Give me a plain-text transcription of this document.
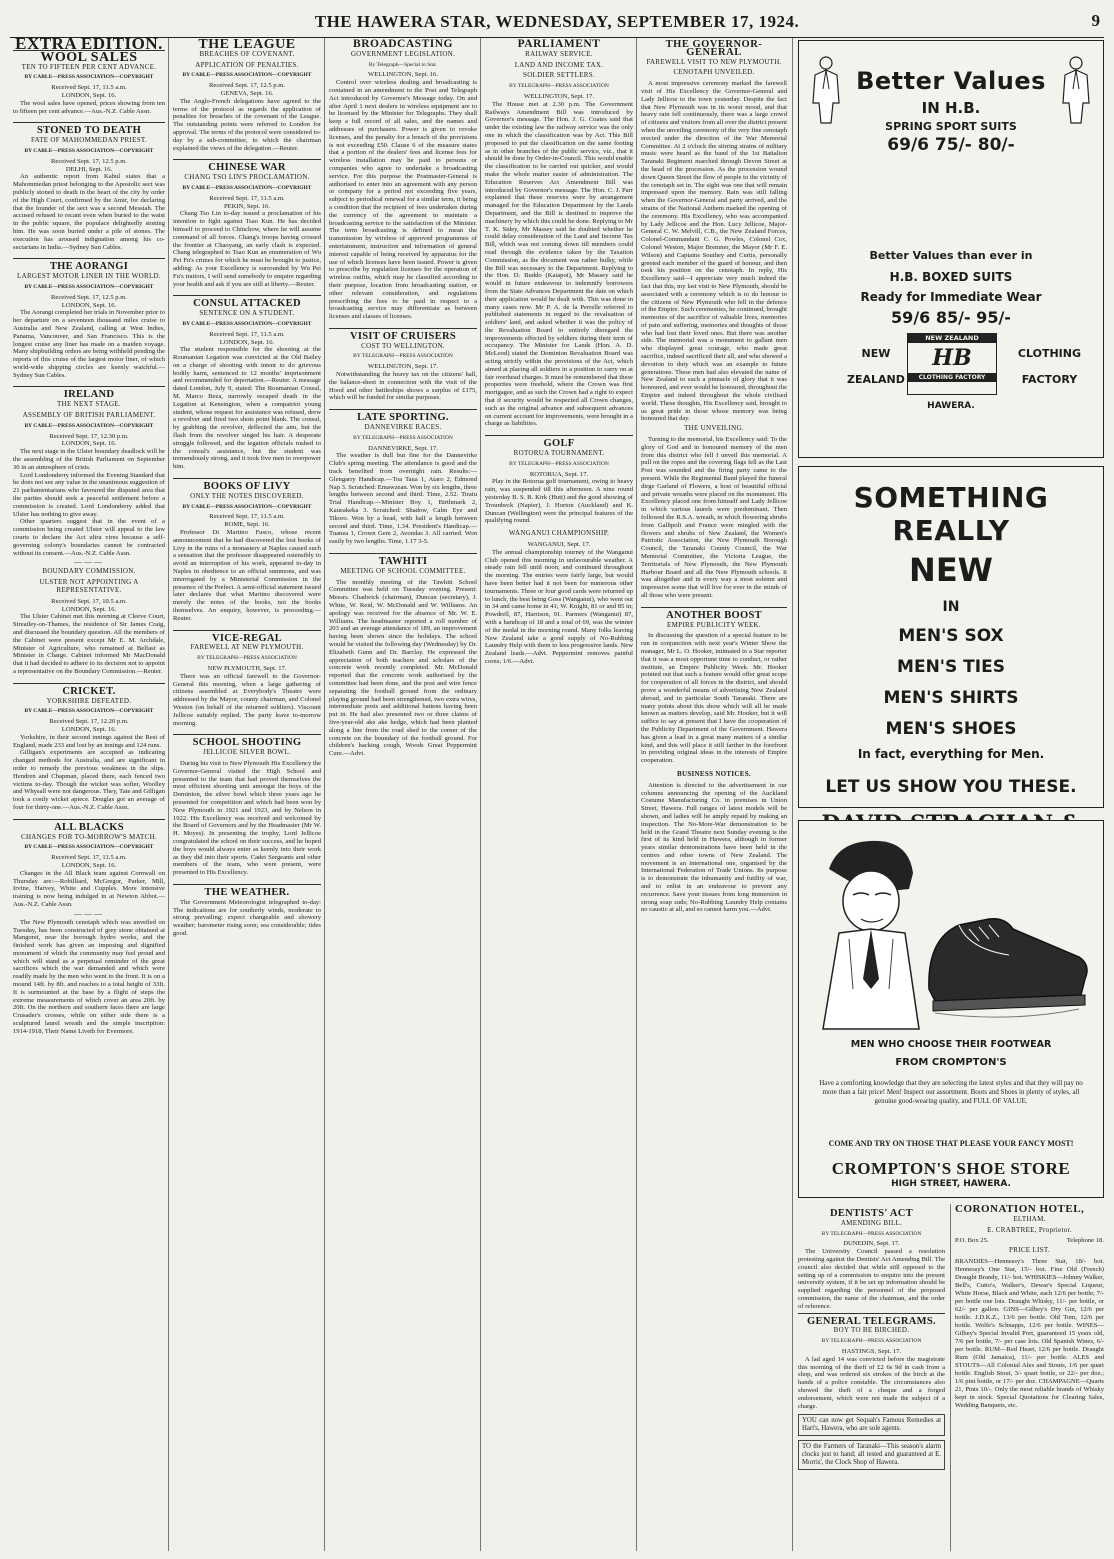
THE HAWERA STAR, WEDNESDAY, SEPTEMBER 17, 1924.	9
EXTRA EDITION.
WOOL SALES
TEN TO FIFTEEN PER CENT ADVANCE.
BY CABLE—PRESS ASSOCIATION—COPYRIGHT
Received Sept. 17, 11.5 a.m.
LONDON, Sept. 16.

The wool sales have opened, prices showing from ten to fifteen per cent advance.—Aus.-N.Z. Cable Assn.

STONED TO DEATH
FATE OF MAHOMMEDAN PRIEST.
BY CABLE—PRESS ASSOCIATION—COPYRIGHT
Received Sept. 17, 12.5 p.m.
DELHI, Sept. 16.

An authentic report from Kabul states that a Mahommedan priest belonging to the Apostolic sect was publicly stoned to death in the heart of the city by order of the High Court, confirmed by the Amir, for declaring that the founder of the sect was a second Messiah. The accused refused to recant even when buried to the waist in the public square, the populace delightedly stoning him. He was soon buried under a pile of stones. The execution has aroused indignation among his co-sectarians in India.—Sydney Sun Cables.

THE AORANGI
LARGEST MOTOR LINER IN THE WORLD.
BY CABLE—PRESS ASSOCIATION—COPYRIGHT
Received Sept. 17, 12.5 p.m.
LONDON, Sept. 16.

The Aorangi completed her trials in November prior to her departure on a seventeen thousand miles cruise to Australia and New Zealand, calling at West Indies, Panama, Vancouver, and San Francisco. This is the longest cruise any liner has made on a maiden voyage. Many shipbuilding orders are being withheld pending the reports of this cruise of the largest motor liner, of which world-wide shipping circles are keenly watchful.—Sydney Sun Cables.

IRELAND
THE NEXT STAGE.
ASSEMBLY OF BRITISH PARLIAMENT.
BY CABLE—PRESS ASSOCIATION—COPYRIGHT
Received Sept. 17, 12.30 p.m.
LONDON, Sept. 16.

The next stage in the Ulster boundary deadlock will be the assembling of the British Parliament on September 30 in an atmosphere of crisis.

Lord Londonderry informed the Evening Standard that he does not see any value in the unanimous suggestion of 21 parliamentarians who favoured the disputed area that the parties should seek a peaceful settlement before a commission is created. Lord Londonderry added that Ulster has nothing to give away.

Other quarters suggest that in the event of a commission being created Ulster will appeal to the law courts to declare the Act ultra vires because a self-governing colony's boundaries cannot be contracted without its consent.—Aus.-N.Z. Cable Assn.

———
BOUNDARY COMMISSION.
ULSTER NOT APPOINTING A REPRESENTATIVE.
Received Sept. 17, 10.5 a.m.
LONDON, Sept. 16.

The Ulster Cabinet met this morning at Cleeve Court, Streatley-on-Thames, the residence of Sir James Craig, and discussed the boundary question. All the members of the Cabinet were present except Mr E. M. Archdale, Minister of Agriculture, who remained at Belfast as Minister in Charge. Cabinet informed Mr MacDonald that it had decided to adhere to its decision not to appoint a representative on the Boundary Commission.—Reuter.

CRICKET.
YORKSHIRE DEFEATED.
BY CABLE—PRESS ASSOCIATION—COPYRIGHT
Received Sept. 17, 12.20 p.m.
LONDON, Sept. 16.

Yorkshire, in their second innings against the Rest of England, made 233 and lost by an innings and 124 runs.

Gilligan's experiments are accepted as indicating changed methods for Australia, and are significant in order to remedy the previous weakness in the slips. Hendren and Chapman, placed there, each fenced two victims to-day. Though the wicket was softer, Woolley and Whysall were not dangerous. They, Tate and Gilligan took a costly wicket apiece. Douglas got an average of four for thirty-one.—Aus.-N.Z. Cable Assn.

ALL BLACKS
CHANGES FOR TO-MORROW'S MATCH.
BY CABLE—PRESS ASSOCIATION—COPYRIGHT
Received Sept. 17, 11.5 a.m.
LONDON, Sept. 16.

Changes in the All Black team against Cornwall on Thursday are:—Robilliard, McGregor, Parker, Mill, Irvine, Harvey, White and Cupples. More intensive training is now being indulged in at Newton Abbot.—Aus.-N.Z. Cable Assn.

———

The New Plymouth cenotaph which was unveiled on Tuesday, has been constructed of grey stone obtained at Mangorei, near the borough hydro works, and the finished work has given an imposing and dignified monument of which the community may feel proud and which will stand as a perpetual reminder of the great sacrifices which the war demanded and which were readily made by the men who went to the front. It is on a mound 14ft. by 8ft. and reaches to a total height of 33ft. It is surmounted at the base by a flight of steps the extreme measurements of which cover an area 20ft. by 20ft. On the northern and southern faces there are large Crusader's crosses, while on either side there is a sculptured laurel wreath and the simple inscription: 1914-1918, Their Name Liveth for Evermore.

THE LEAGUE
BREACHES OF COVENANT.
APPLICATION OF PENALTIES.
BY CABLE—PRESS ASSOCIATION—COPYRIGHT
Received Sept. 17, 12.5 p.m.
GENEVA, Sept. 16.

The Anglo-French delegations have agreed to the terms of the protocol as regards the application of penalties for breaches of the covenant of the League. The outstanding points were referred to London for approval. The terms of the protocol were considered to-day by a sub-committee, to which the chairman explained the views of the delegation.—Reuter.

CHINESE WAR
CHANG TSO LIN'S PROCLAMATION.
BY CABLE—PRESS ASSOCIATION—COPYRIGHT
Received Sept. 17, 11.5 a.m.
PEKIN, Sept. 16.

Chang Tso Lin to-day issued a proclamation of his intention to fight against Tsao Kun. He has decided himself to proceed to Chinchow, where he will assume command of all forces. Chang's troops having crossed the frontier at Chaoyang, an early clash is expected. Chang telegraphed to Tsao Kun an enumeration of Wu Pei Fu's crimes for which he must be brought to justice, adding: As your Excellency is surrounded by Wu Pei Fu's traitors, I will send somebody to enquire regarding your health and ask if you are still at liberty.—Reuter.

CONSUL ATTACKED
SENTENCE ON A STUDENT.
BY CABLE—PRESS ASSOCIATION—COPYRIGHT
Received Sept. 17, 11.5 a.m.
LONDON, Sept. 16.

The student responsible for the shooting at the Roumanian Legation was convicted at the Old Bailey on a charge of shooting with intent to do grievous bodily harm, sentenced to 12 months' imprisonment and recommended for deportation.—Reuter. A message dated London, July 9, stated: The Roumanian Consul, M. Marco Beza, narrowly escaped death in the Legation at Kensington, when a compatriot young student, whose request for assistance was refused, drew a revolver and fired two shots point blank. The consul, by grabbing the revolver, deflected the aim, but the flash from the revolver singed his hair. A desperate struggle followed, and the legation officials rushed to the consul's assistance, but the student was tremendously strong, and it took five men to overpower him.

BOOKS OF LIVY
ONLY THE NOTES DISCOVERED.
BY CABLE—PRESS ASSOCIATION—COPYRIGHT
Received Sept. 17, 11.5 a.m.
ROME, Sept. 16.

Professor Di Martino Fusco, whose recent announcement that he had discovered the lost books of Livy in the ruins of a monastery at Naples caused such a sensation that the professor disappeared ostensibly to avoid an interruption of his work, appeared to-day in Naples in obedience to an official summons, and was interrogated by a Ministerial Commission in the presence of the Prefect. A semi-official statement issued later declares that what Martino discovered were merely the notes of the books, not the books themselves. An enquiry, however, is proceeding.—Reuter.

VICE-REGAL
FAREWELL AT NEW PLYMOUTH.
BY TELEGRAPH—PRESS ASSOCIATION
NEW PLYMOUTH, Sept. 17.

There was an official farewell to the Governor-General this morning, when a large gathering of citizens assembled at Everybody's Theatre were addressed by the Mayor, county chairman, and Colonel Weston (on behalf of the returned soldiers). Viscount Jellicoe suitably replied. The party leave to-morrow morning.

SCHOOL SHOOTING
JELLICOE SILVER BOWL.

During his visit to New Plymouth His Excellency the Governor-General visited the High School and presented to the team that had proved themselves the most efficient shooting unit amongst the boys of the Dominion, the silver bowl which three years ago he presented for competition and which had been won by New Plymouth in 1921 and 1923, and by Nelson in 1922. His Excellency was received and welcomed by the Board of Governors and by the Headmaster (Mr W. H. Moyes). In presenting the trophy, Lord Jellicoe congratulated the school on their success, and he hoped the boys would always enter as keenly into their work as they did into their sports. Cadet Sergeants and other members of the team, who were present, were presented to His Excellency.

THE WEATHER.

The Government Meteorologist telegraphed to-day: The indications are for southerly winds, moderate to strong prevailing; expect changeable and showery weather; barometer rising soon; sea considerable; tides good.

BROADCASTING
GOVERNMENT LEGISLATION.
By Telegraph—Special to Star.
WELLINGTON, Sept. 16.

Control over wireless dealing and broadcasting is contained in an amendment to the Post and Telegraph Act introduced by Governor's Message today. On and after April 1 next dealers in wireless equipment are to be licensed by the Minister for Telegraphs. They shall keep a full record of all sales, and the names and addresses of purchasers. Power is given to revoke licenses, and the penalty for a breach of the provisions is not exceeding £50. Clause 6 of the measure states that a portion of the dealers' fees and license fees for wireless installation may be paid to persons or companies who agree to undertake a broadcasting service. For this purpose the Postmaster-General is authorised to enter into an agreement with any person or company for a period not exceeding five years, subject to periodical renewal for a similar term, it being a condition that the recipient of fees undertakes during the currency of the agreement to maintain a broadcasting service to the satisfaction of the Minister. The term broadcasting is defined to mean the transmission by wireless of approved programmes of entertainment, instruction and information of general interest capable of being received by apparatus for the use of which licenses have been issued. Power is given to prescribe by regulation licenses for the operation of wireless outfits, which may be classified according to their purpose, location from broadcasting station, or other relevant consideration, and regulations prescribing the fees to be paid in respect to a broadcasting service may differentiate as between licenses and classes of licenses.

VISIT OF CRUISERS
COST TO WELLINGTON.
BY TELEGRAPH—PRESS ASSOCIATION
WELLINGTON, Sept. 17.

Notwithstanding the heavy tax on the citizens' hall, the balance-sheet in connection with the visit of the Hood and other battleships shows a surplus of £175, which will be funded for similar purposes.

LATE SPORTING.
DANNEVIRKE RACES.
BY TELEGRAPH—PRESS ASSOCIATION
DANNEVIRKE, Sept. 17.

The weather is dull but fine for the Dannevirke Club's spring meeting. The attendance is good and the track benefited from overnight rain. Results:— Glengarry Handicap.—Toa Taua 1, Ataro 2, Edmond Nap 3. Scratched: Emawzean. Won by six lengths, three lengths between second and third. Time, 2.52. Tiratu Trial Handicap.—Minister Boy 1, Birthmark 2, Kaueakeka 3. Scratched: Shadow, Calm Eye and Tikoro. Won by a head, with half a length between second and third. Time, 1.34. President's Handicap.—Tuanea 1, Crown Gem 2, Avondas 3. All carried. Won easily by two lengths. Time, 1.17 3-5.

TAWHITI
MEETING OF SCHOOL COMMITTEE.

The monthly meeting of the Tawhiti School Committee was held on Tuesday evening. Present: Messrs. Chadwick (chairman), Duncan (secretary), J. White, W. Reid, W. McDonald and W. Williams. An apology was received for the absence of Mr. W. E. Williams. The headmaster reported a roll number of 203 and an average attendance of 189, an improvement having been shown since the holidays. The school would be visited the following day (Wednesday) by Dr. Elizabeth Gunn and Dr. Barclay. He expressed the appreciation of both teachers and scholars of the concrete work recently completed. Mr. McDonald reported that the concrete work authorised by the committee had been done, and the post and wire fence separating the football ground from the ordinary playing ground had been strengthened, two extra wires, intermediate posts and additional battens having been put in. He had also presented two or three claims of five-year-old ake ake hedge, which had been planted along a line from the road shed to the corner of the concrete on the boundary of the football ground. For children's hacking cough, Woods Great Peppermint Cure.—Advt.

PARLIAMENT
RAILWAY SERVICE.
LAND AND INCOME TAX.
SOLDIER SETTLERS.
BY TELEGRAPH—PRESS ASSOCIATION
WELLINGTON, Sept. 17.

The House met at 2.30 p.m. The Government Railways Amendment Bill was introduced by Governor's message. The Hon. J. G. Coates said that under the existing law the railway service was the only one in which the classification was by Act. This Bill proposed to put the classification on the same footing as in other branches of the public service, viz., that it should be done by Order-in-Council. This would enable the classification to be carried out quicker, and would make the whole matter easier of administration. The Education Reserves Act Amendment Bill was introduced by Governor's message. The Hon. C. J. Parr explained that these reserves were by arrangement managed for the Education Department by the Lands Department, and the Bill is destined to improve the machinery by which this could be done. Replying to Mr T. K. Sidey, Mr Massey said he doubted whether he could delay consideration of the Land and Income Tax Bill, which was not coming down till members could read through the evidence taken by the Taxation Commission, as the document was rather bulky, while the Bill was necessary to the Department. Replying to the Hon. D. Buddo (Kaiapoi), Mr Massey said he would in future endeavour to indemnify borrowers from the State Advances Department the date on which their application would be dealt with. This was done in many cases now. Mr P. A. de la Perrelle referred to published statements in regard to the revaluation of soldiers' land, and asked whether it was the policy of the Revaluation Board to entirely disregard the improvements effected by soldiers during their term of occupancy. The Minister for Lands (Hon. A. D. McLeod) stated the Dominion Revaluation Board was acting strictly within the provisions of the Act, which aimed at placing all soldiers in a position to carry on at fair overhead charges. It must be remembered that these properties were freehold, where the Crown was first mortgagee, and as such the Crown had a right to expect that if security would be respected all Crown changes, such as the original advance and subsequent advances on current account for improvements, were brought in a charge as liabilities.

GOLF
ROTORUA TOURNAMENT.
BY TELEGRAPH—PRESS ASSOCIATION
ROTORUA, Sept. 17.

Play in the Rotorua golf tournament, owing to heavy rain, was suspended till this afternoon. A nine round yesterday B. S. B. Kirk (Hutt) and the good showing of Trounbeck (Napier), J. Horton (Auckland) and K. Duncan (Wellington) were the principal features of the qualifying round.

WANGANUI CHAMPIONSHIP.
WANGANUI, Sept. 17.

The annual championship tourney of the Wanganui Club opened this morning in unfavourable weather. A steady rain fell until noon, and continued throughout the morning. The entries were fairly large, but would have been better had it not been for numerous other tournaments. Three or four good cards were returned up to lunch, the best being Goss (Wanganui), who went out in 34 and came home in 41; W. Knight, 81 or and 85 in; Powdrell, 87, Harrison, 91. Parmers (Wanganui) 87, with a handicap of 18 and a total of 69, was the winner of the medal in the morning round. Many folks leaving New Zealand take a good supply of No-Rubbing Laundry Help with them to less progressive lands. New Zealand leads.—Advt. Peppermint removes painful corns; 1/6.—Advt.

THE GOVERNOR-GENERAL
FAREWELL VISIT TO NEW PLYMOUTH.
CENOTAPH UNVEILED.

A most impressive ceremony marked the farewell visit of His Excellency the Governor-General and Lady Jellicoe to the town yesterday. Despite the fact that New Plymouth was in its worst mood, and that heavy rain fell continuously, there was a large crowd of citizens and visitors from all over the district present when the unveiling ceremony of the very fine cenotaph erected under the direction of the War Memorial Committee. At 2 o'clock the stirring strains of military music were heard as the band of the 1st Battalion Taranaki Regiment marched through Devon Street at the head of the procession. As the procession wound down Queen Street the flow of people to the vicinity of the cenotaph set in. The sight was one that will remain impressed upon the memory. Rain was still falling when the Governor-General and party arrived, and the strains of the National Anthem marked the opening of the ceremony. His Excellency, who was accompanied by Lady Jellicoe and the Hon. Lucy Jellicoe, Major-General C. W. Melvill, C.B., the New Zealand Forces, Colonel-Commandant C. G. Powles, Colonel Cox, Colonel Weston, Major Bremner, the Mayor (Mr F. E. Wilson) and Captains Southey and Curtis, personally greeted each member of the guard of honour, and then took his position on the cenotaph. In reply, His Excellency said—I appreciate very much indeed the fact that this, my last visit to New Plymouth, should be associated with a ceremony which is to do honour to the citizens of New Plymouth who fell in the defence of the Empire. Such ceremonies, he continued, brought memories of the sacrifice of valuable lives, memories of pain and suffering, memories and thoughts of those who had lost their loved ones. But there was another side. The memorial was a monument to gallant men who displayed great courage, who made great sacrifice, indeed sacrificed their all, and who showed a devotion to duty which was an example to future generations. These men had also elevated the name of New Zealand to such a pinnacle of glory that it was honoured, and ever would be honoured, throughout the Empire and indeed throughout the whole civilised world. These thoughts, His Excellency said, brought to us great pride in those whose memory was being honoured that day.

THE UNVEILING.

Turning to the memorial, his Excellency said: To the glory of God and in honoured memory of the men from this district who fell I unveil this memorial. A pull on the ropes and the covering flags fell as the Last Post was sounded and the firing party came to the present. While the Regimental Band played the funeral dirge Garland of Flowers, a host of beautiful official and private wreaths were placed on the monument. His Excellency placed one from himself and Lady Jellicoe in which various laurels were predominant. Then followed the R.S.A. wreath, in which flowering shrubs from Gallipoli and France were mingled with the flowers and shrubs of New Zealand, the Women's Patriotic Association, the New Plymouth Borough Council, the Taranaki County Council, the War Memorial Committee, the Victoria League, the Territorials of New Plymouth, the New Plymouth Harbour Board and all the New Plymouth schools. It was altogether and in every way a most solemn and impressive scene that will live for ever in the minds of all those who were present.

ANOTHER BOOST
EMPIRE PUBLICITY WEEK.

In discussing the question of a special feature to be run in conjunction with next year's Winter Show the manager, Mr L. O. Hooker, intimated to a Star reporter that it was a most opportune time to conduct, or rather institute, an Empire Publicity Week. Mr. Hooker pointed out that such a feature would offer great scope for cooperation of all forces in the district, and should prove a wonderful means of advertising New Zealand abroad, and in particular South Taranaki. There are many points about this show which will all be made known as matters develop, said Mr. Hooker, but it will suffice to say at present that I have the cooperation of the Publicity Department of the Government. Hawera has given a lead in a great many matters of a similar kind, and this will place it still farther in the forefront in providing original ideas in the interests of Empire cooperation.

BUSINESS NOTICES.

Attention is directed to the advertisement in our columns announcing the opening of the Auckland Costume Manufacturing Co. in premises in Union Street, Hawera. Full ranges of latest models will be shown, and ladies will be amply repaid by making an inspection. The No-More-War demonstration to be held in the Grand Theatre next Sunday evening is the first of its kind held in Hawera, although in former years similar demonstrations have been held in the centres and other towns of New Zealand. The movement is an international one, organised by the International Federation of Trade Unions. Its purpose is to demonstrate the inhumanity and futility of war, and to enlist in an endeavour to prevent any recurrence. Save your tissues from long immersion in strong soap suds; No-Rubbing Laundry Help contains no caustic at all, and so cannot harm you.—Advt.

Better Values
IN H.B.
SPRING SPORT SUITS
69/6 75/- 80/-
Better Values than ever in
H.B. BOXED SUITS
Ready for Immediate Wear
59/6 85/- 95/-
NEW
ZEALAND
NEW ZEALAND
HB
CLOTHING FACTORY
CLOTHING
FACTORY
HAWERA.
SOMETHING REALLY
NEW
IN
MEN'S SOX
MEN'S TIES
MEN'S SHIRTS
MEN'S SHOES
In fact, everything for Men.
LET US SHOW YOU THESE.
MEN WHO CHOOSE THEIR FOOTWEAR
FROM CROMPTON'S
Have a comforting knowledge that they are selecting the latest styles and that they will pay no more than a fair price! Men! Inspect our assortment. Boots and Shoes in plenty of styles, all genuine good-wearing quality, and FULL OF VALUE.
COME AND TRY ON THOSE THAT PLEASE YOUR FANCY MOST!
CROMPTON'S SHOE STORE
HIGH STREET, HAWERA.
DENTISTS' ACT
AMENDING BILL.
BY TELEGRAPH—PRESS ASSOCIATION
DUNEDIN, Sept. 17.

The University Council passed a resolution protesting against the Dentists' Act Amending Bill. The council also decided that while still opposed to the setting up of a commission to enquire into the present university system, if it be set up information should be supplied regarding the personnel of the proposed commission, the name of the chairman, and the order of reference.

GENERAL TELEGRAMS.
BOY TO BE BIRCHED.
BY TELEGRAPH—PRESS ASSOCIATION
HASTINGS, Sept. 17.

A lad aged 14 was convicted before the magistrate this morning of the theft of £2 6s 9d in cash from a shop, and was ordered six strokes of the birch at the hands of a police constable. The circumstances also showed the theft of a cheque and a forged endorsement, which were not made the subject of a charge.

YOU can now get Sequah's Famous Remedies at Hart's, Hawera, who are sole agents.
TO the Farmers of Taranaki—This season's alarm clocks just to hand; all tested and guaranteed at E. Morris', the Clock Shop of Hawera.
CORONATION HOTEL,
ELTHAM.
E. CRABTREE, Proprietor.
P.O. Box 25.	Telephone 18.
PRICE LIST.
BRANDIES—Hennessy's Three Star, 18/- bot. Hennessy's One Star, 15/- bot. Fine Old (French) Draught Brandy, 11/- bot. WHISKIES—Johnny Walker, Bell's, Cutto's, Walker's, Dewar's Special Liqueur, White Horse, Black and White, each 12/6 per bottle; 7/- per bottle one lots. Draught Whisky, 11/- per bottle, or 62/- per gallon. GINS—Gilbey's Dry Gin, 12/6 per bottle. J.D.K.Z., 13/6 per bottle. Old Tom, 12/6 per bottle. Wolfe's Schnapps, 12/6 per bottle. WINES—Gilbey's Special Invalid Port, guaranteed 15 years old, 7/6 per bottle, 7/- per case lots. Old Spanish Wines, 6/- per bottle. RUM—Red Heart, 12/6 per bottle. Draught Rum (Old Jamaica), 11/- per bottle. ALES and STOUTS—All Colonial Ales and Stouts, 1/6 per quart bottle. English Stout, 3/- quart bottle, or 22/- per doz.; 1/6 pint bottle, or 17/- per doz. CHAMPAGNE—Quarts 21, Pints 10/-. Only the most reliable brands of Whisky kept in stock. Special Quotations for Clearing Sales, Wedding Banquets, etc.
